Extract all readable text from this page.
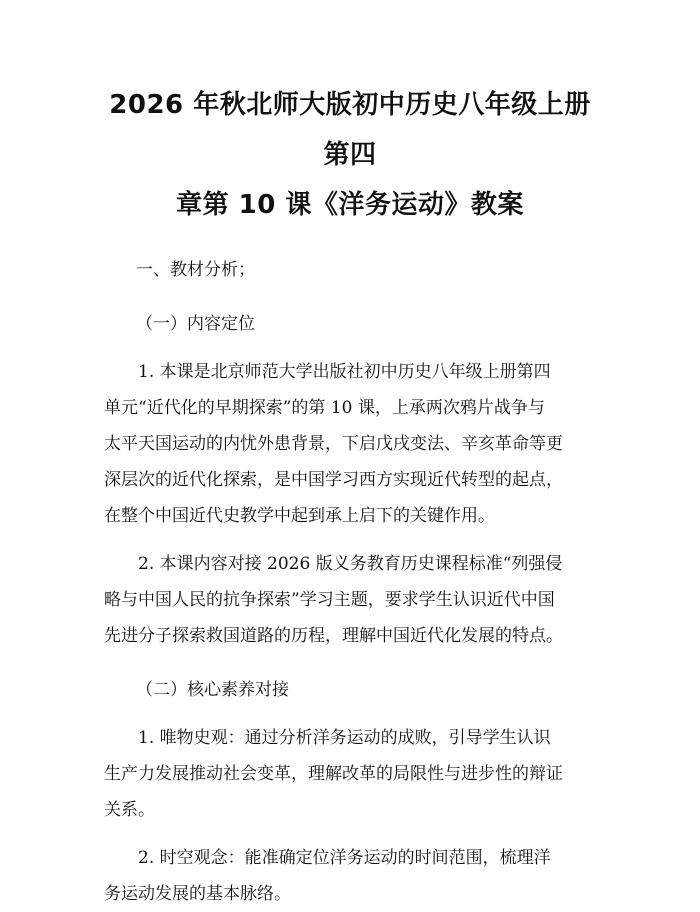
2026 年秋北师大版初中历史八年级上册第四
章第 10 课《洋务运动》教案

一、教材分析；

（一）内容定位

1. 本课是北京师范大学出版社初中历史八年级上册第四
单元“近代化的早期探索”的第 10 课，上承两次鸦片战争与
太平天国运动的内忧外患背景，下启戊戌变法、辛亥革命等更
深层次的近代化探索，是中国学习西方实现近代转型的起点，
在整个中国近代史教学中起到承上启下的关键作用。
2. 本课内容对接 2026 版义务教育历史课程标准“列强侵
略与中国人民的抗争探索”学习主题，要求学生认识近代中国
先进分子探索救国道路的历程，理解中国近代化发展的特点。

（二）核心素养对接

1. 唯物史观：通过分析洋务运动的成败，引导学生认识
生产力发展推动社会变革，理解改革的局限性与进步性的辩证
关系。
2. 时空观念：能准确定位洋务运动的时间范围，梳理洋
务运动发展的基本脉络。
